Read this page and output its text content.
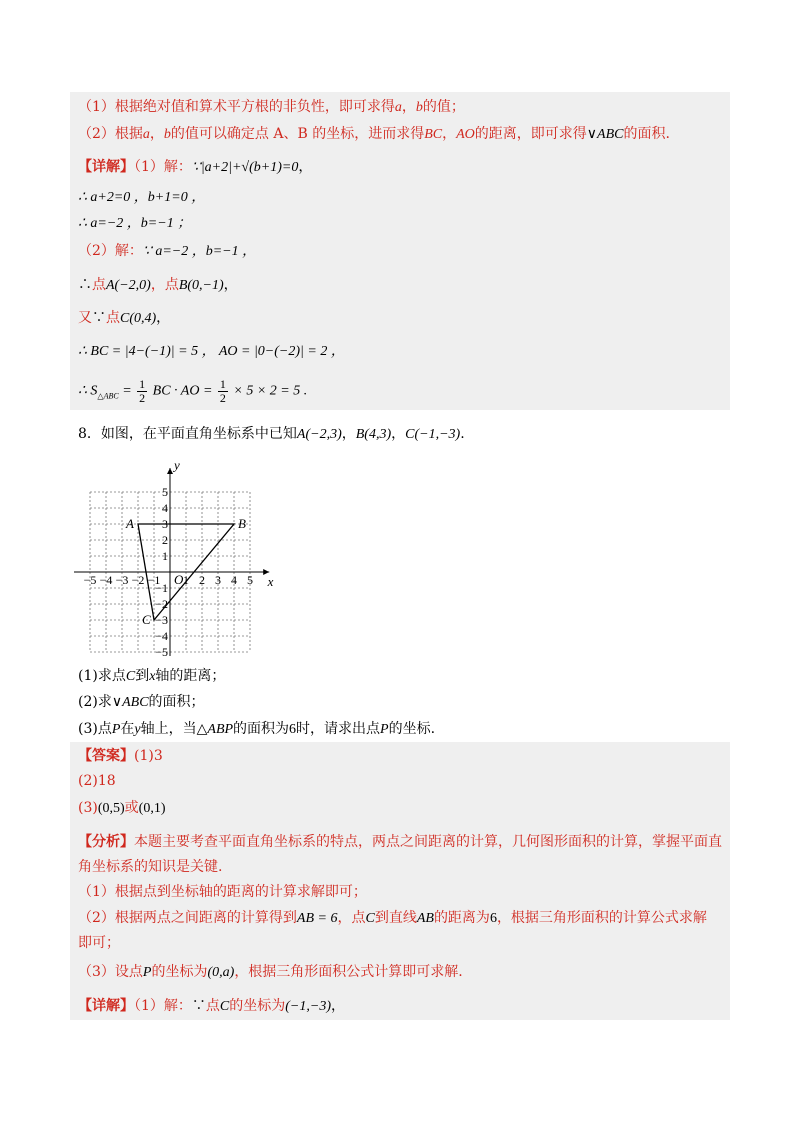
（1）根据绝对值和算术平方根的非负性，即可求得a，b的值；
（2）根据a，b的值可以确定点 A、B 的坐标，进而求得BC，AO的距离，即可求得∨ABC的面积.
【详解】（1）解：∵|a+2|+√(b+1)=0，
∴ a+2=0 ，b+1=0 ，
∴ a=−2 ，b=−1 ；
（2）解：∵ a=−2 ，b=−1 ，
∴点A(−2,0)，点B(0,−1)，
又∵点C(0,4)，
∴ BC = |4−(−1)| = 5 ， AO = |0−(−2)| = 2 ，
∴ $S_{\triangle ABC} = \frac{1}{2}$ BC · AO = $\frac{1}{2} \times 5 \times 2 = 5$ .
8．如图，在平面直角坐标系中已知A(−2,3)，B(4,3)，C(−1,−3).
−5 −4 −3 −2 −1 1 2 3 4 5
5
4
3
2
1
−1
−2
−3
−4
−5
O	x
y
A	B
C
(1)求点C到x轴的距离；
(2)求∨ABC的面积；
(3)点P在y轴上，当△ABP的面积为6时，请求出点P的坐标.
【答案】(1)3
(2)18
(3)(0,5)或(0,1)
【分析】本题主要考查平面直角坐标系的特点，两点之间距离的计算，几何图形面积的计算，掌握平面直
角坐标系的知识是关键.
（1）根据点到坐标轴的距离的计算求解即可；
（2）根据两点之间距离的计算得到AB = 6，点C到直线AB的距离为6，根据三角形面积的计算公式求解
即可；
（3）设点P的坐标为(0,a)，根据三角形面积公式计算即可求解.
【详解】（1）解：∵点C的坐标为(−1,−3)，
